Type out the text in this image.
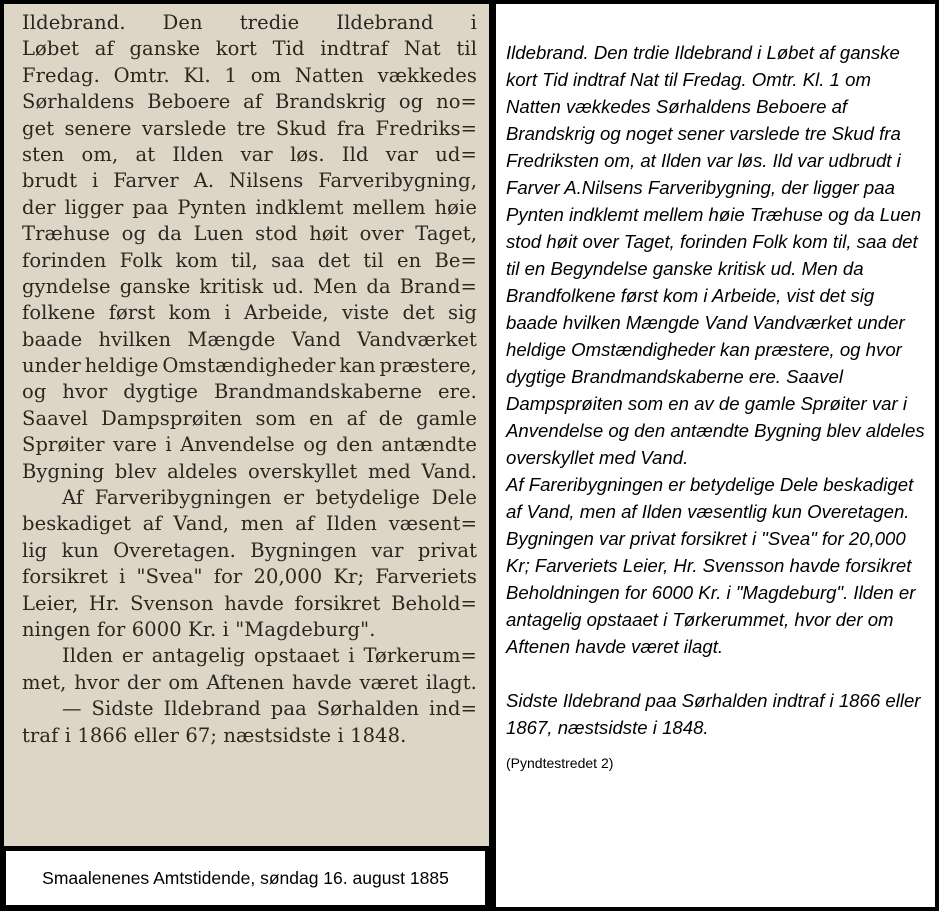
Ildebrand. Den tredie Ildebrand i
Løbet af ganske kort Tid indtraf Nat til
Fredag. Omtr. Kl. 1 om Natten vækkedes
Sørhaldens Beboere af Brandskrig og no=
get senere varslede tre Skud fra Fredriks=
sten om, at Ilden var løs. Ild var ud=
brudt i Farver A. Nilsens Farveribygning,
der ligger paa Pynten indklemt mellem høie
Træhuse og da Luen stod høit over Taget,
forinden Folk kom til, saa det til en Be=
gyndelse ganske kritisk ud. Men da Brand=
folkene først kom i Arbeide, viste det sig
baade hvilken Mængde Vand Vandværket
under heldige Omstændigheder kan præstere,
og hvor dygtige Brandmandskaberne ere.
Saavel Dampsprøiten som en af de gamle
Sprøiter vare i Anvendelse og den antændte
Bygning blev aldeles overskyllet med Vand.
Af Farveribygningen er betydelige Dele
beskadiget af Vand, men af Ilden væsent=
lig kun Overetagen. Bygningen var privat
forsikret i "Svea" for 20,000 Kr; Farveriets
Leier, Hr. Svenson havde forsikret Behold=
ningen for 6000 Kr. i "Magdeburg".
Ilden er antagelig opstaaet i Tørkerum=
met, hvor der om Aftenen havde været ilagt.
— Sidste Ildebrand paa Sørhalden ind=
traf i 1866 eller 67; næstsidste i 1848.
Smaalenenes Amtstidende, søndag 16. august 1885

Ildebrand. Den trdie Ildebrand i Løbet af ganske kort Tid indtraf Nat til Fredag. Omtr. Kl. 1 om Natten vækkedes Sørhaldens Beboere af Brandskrig og noget sener varslede tre Skud fra Fredriksten om, at Ilden var løs. Ild var udbrudt i Farver A.Nilsens Farveribygning, der ligger paa Pynten indklemt mellem høie Træhuse og da Luen stod høit over Taget, forinden Folk kom til, saa det til en Begyndelse ganske kritisk ud. Men da Brandfolkene først kom i Arbeide, vist det sig baade hvilken Mængde Vand Vandværket under heldige Omstændigheder kan præstere, og hvor dygtige Brandmandskaberne ere. Saavel Dampsprøiten som en av de gamle Sprøiter var i Anvendelse og den antændte Bygning blev aldeles overskyllet med Vand.

Af Fareribygningen er betydelige Dele beskadiget af Vand, men af Ilden væsentlig kun Overetagen. Bygningen var privat forsikret i "Svea" for 20,000 Kr; Farveriets Leier, Hr. Svensson havde forsikret Beholdningen for 6000 Kr. i "Magdeburg". Ilden er antagelig opstaaet i Tørkerummet, hvor der om Aftenen havde været ilagt.

Sidste Ildebrand paa Sørhalden indtraf i 1866 eller 1867, næstsidste i 1848.

(Pyndtestredet 2)
